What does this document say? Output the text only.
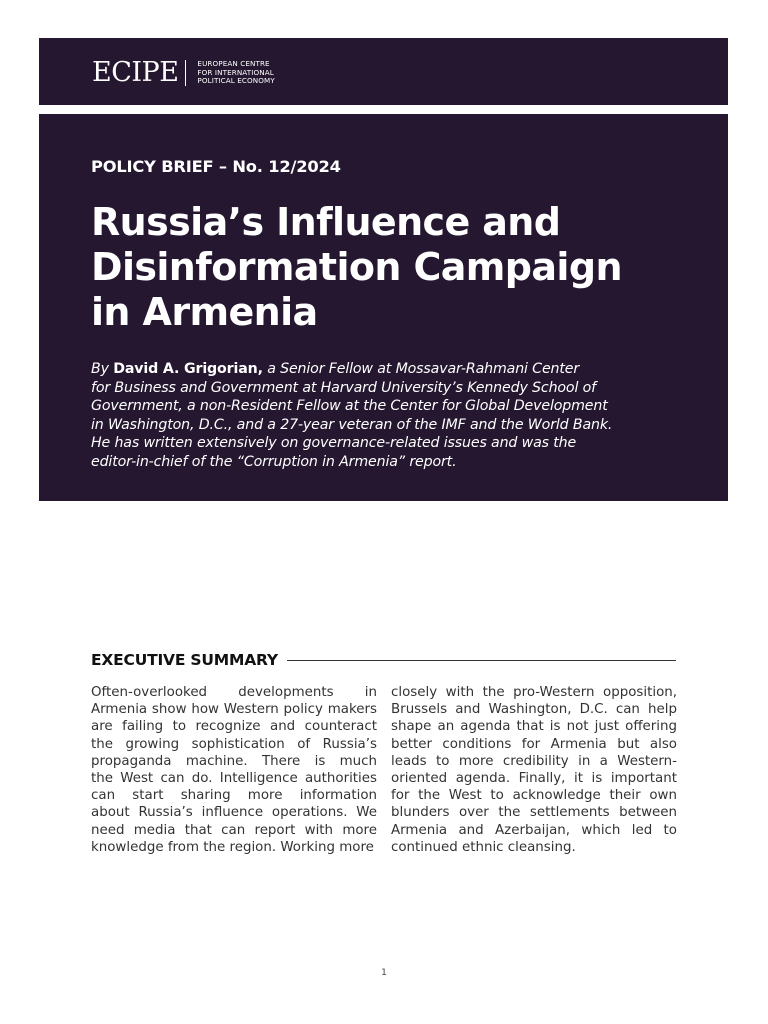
ECIPE	EUROPEAN CENTRE
FOR INTERNATIONAL
POLITICAL ECONOMY
POLICY BRIEF – No. 12/2024
Russia’s Influence and
Disinformation Campaign
in Armenia
By David A. Grigorian, a Senior Fellow at Mossavar-Rahmani Center
for Business and Government at Harvard University’s Kennedy School of
Government, a non-Resident Fellow at the Center for Global Development
in Washington, D.C., and a 27-year veteran of the IMF and the World Bank.
He has written extensively on governance-related issues and was the
editor-in-chief of the “Corruption in Armenia” report.
EXECUTIVE SUMMARY
Often-overlooked developments in
Armenia show how Western policy makers
are failing to recognize and counteract
the growing sophistication of Russia’s
propaganda machine. There is much
the West can do. Intelligence authorities
can start sharing more information
about Russia’s influence operations. We
need media that can report with more
knowledge from the region. Working more
closely with the pro-Western opposition,
Brussels and Washington, D.C. can help
shape an agenda that is not just offering
better conditions for Armenia but also
leads to more credibility in a Western-
oriented agenda. Finally, it is important
for the West to acknowledge their own
blunders over the settlements between
Armenia and Azerbaijan, which led to
continued ethnic cleansing.
1
